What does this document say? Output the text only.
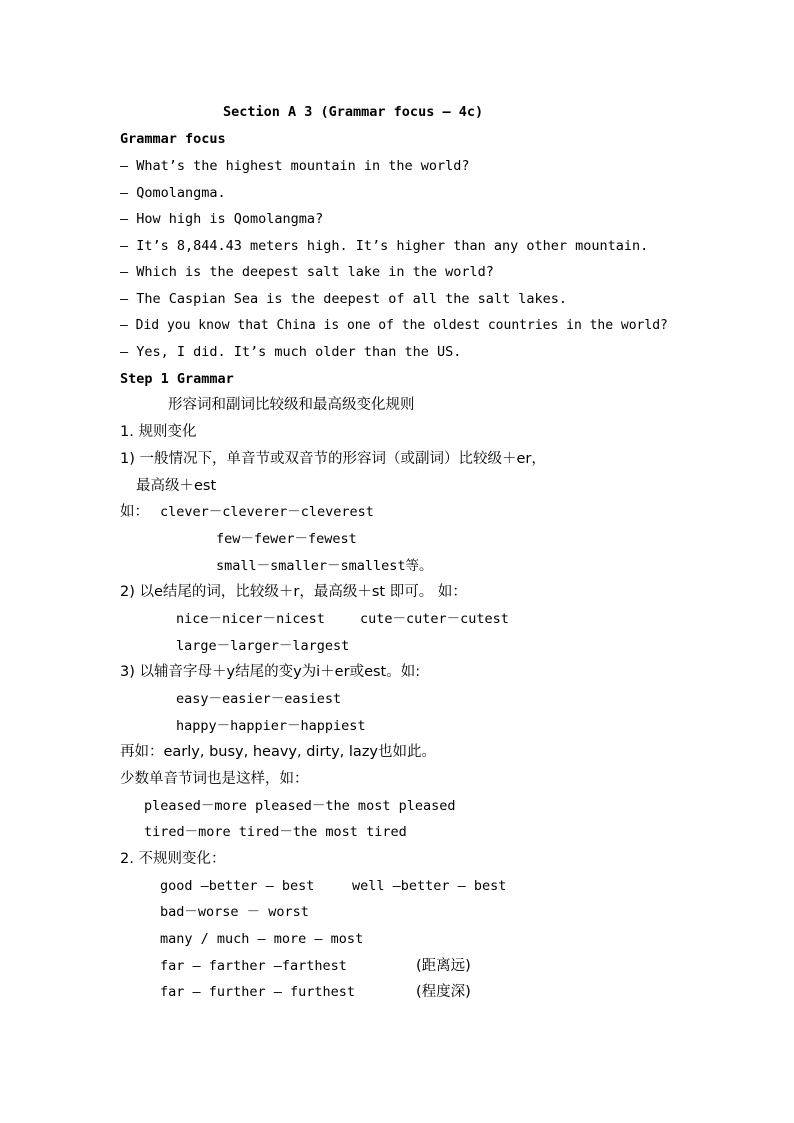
Section A 3 (Grammar focus — 4c)
Grammar focus
— What’s the highest mountain in the world?
— Qomolangma.
— How high is Qomolangma?
— It’s 8,844.43 meters high. It’s higher than any other mountain.
— Which is the deepest salt lake in the world?
— The Caspian Sea is the deepest of all the salt lakes.
— Did you know that China is one of the oldest countries in the world?
— Yes, I did. It’s much older than the US.
Step 1 Grammar
形容词和副词比较级和最高级变化规则
1. 规则变化
1) 一般情况下，单音节或双音节的形容词（或副词）比较级＋er，
最高级＋est
如： clever－cleverer－cleverest
few－fewer－fewest
small－smaller－smallest等。
2) 以e结尾的词，比较级＋r，最高级＋st 即可。 如：
nice－nicer－nicest	cute－cuter－cutest
large－larger－largest
3) 以辅音字母＋y结尾的变y为i＋er或est。如:
easy－easier－easiest
happy－happier－happiest
再如：early, busy, heavy, dirty, lazy也如此。
少数单音节词也是这样，如：
pleased－more pleased－the most pleased
tired－more tired－the most tired
2. 不规则变化：
good —better — best	well —better — best
bad－worse － worst
many / much — more — most
far — farther —farthest	(距离远)
far — further — furthest	(程度深)
